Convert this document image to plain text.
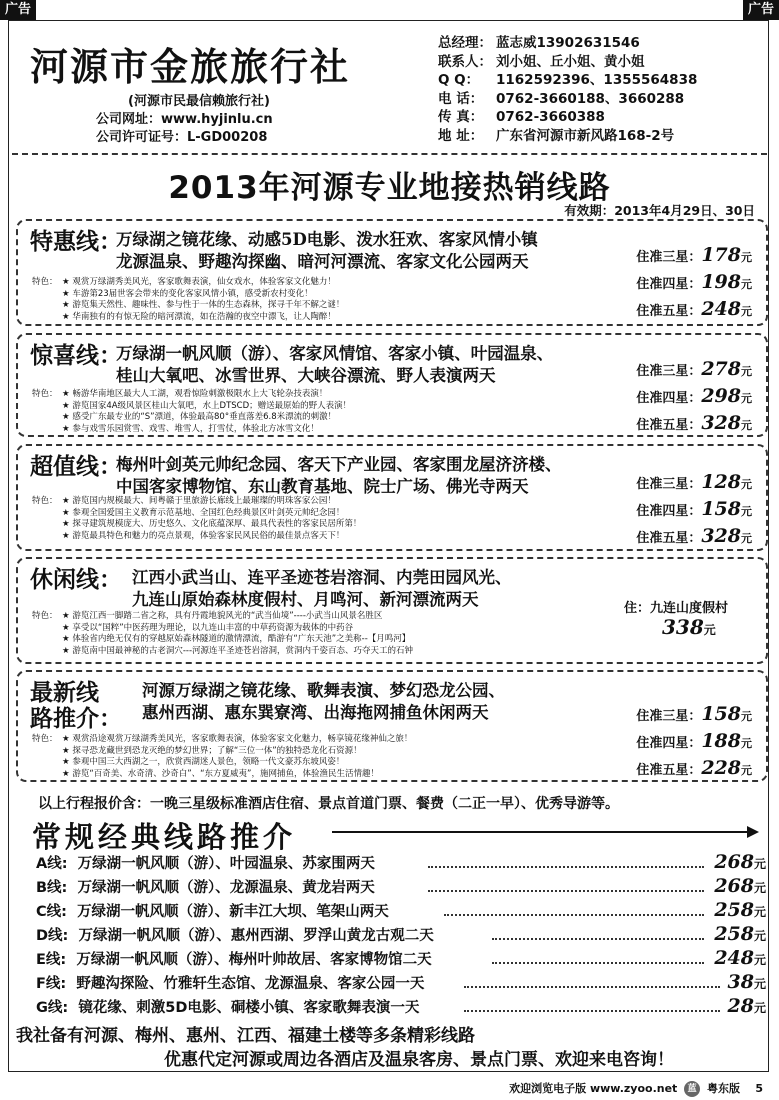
广告	广告
河源市金旅旅行社
(河源市民最信赖旅行社)
公司网址：www.hyjinlu.cn
公司许可证号：L-GD00208
总经理： 蓝志威13902631546
联系人： 刘小姐、丘小姐、黄小姐
Q Q： 1162592396、1355564838
电 话： 0762-3660188、3660288
传 真： 0762-3660388
地 址： 广东省河源市新风路168-2号
2013年河源专业地接热销线路
有效期：2013年4月29日、30日
特惠线：
万绿湖之镜花缘、动感5D电影、泼水狂欢、客家风情小镇
龙源温泉、野趣沟探幽、暗河河漂流、客家文化公园两天
特色： ★ 观赏万绿湖秀美风光，客家歌舞表演，仙女戏水，体验客家文化魅力！
★ 车游第23届世客会带来的变化客家风情小镇，感受新农村变化！
★ 游览集天然性、趣味性、参与性于一体的生态森林，探寻千年不解之谜！
★ 华南独有的有惊无险的暗河漂流，如在浩瀚的夜空中漂飞，让人陶醉！
住准三星：178元
住准四星：198元
住准五星：248元
惊喜线：
万绿湖一帆风顺（游）、客家风情馆、客家小镇、叶园温泉、
桂山大氧吧、冰雪世界、大峡谷漂流、野人表演两天
特色： ★ 畅游华南地区最大人工湖，观看惊险刺激极限水上大飞轮杂技表演！
★ 游览国家4A级风景区桂山大氧吧，水上DTSCD；赠送最原始的野人表演！
★ 感受广东最专业的“S”漂道，体验最高80°垂直落差6.8米漂流的刺激！
★ 参与戏雪乐园赏雪、戏雪、堆雪人，打雪仗，体验北方冰雪文化！
住准三星：278元
住准四星：298元
住准五星：328元
超值线：
梅州叶剑英元帅纪念园、客天下产业园、客家围龙屋济济楼、
中国客家博物馆、东山教育基地、院士广场、佛光寺两天
特色： ★ 游览国内规模最大、间粤赣于里旅游长廊线上最璀璨的明珠客家公园！
★ 参观全国爱国主义教育示范基地、全国红色经典景区叶剑英元帅纪念园！
★ 探寻建筑规模庞大、历史悠久、文化底蕴深厚、最具代表性的客家民居所第！
★ 游览最具特色和魅力的亮点景观，体验客家民风民俗的最佳景点客天下！
住准三星：128元
住准四星：158元
住准五星：328元
休闲线： 江西小武当山、连平圣迹苍岩溶洞、内莞田园风光、
九连山原始森林度假村、月鸣河、新河漂流两天
特色： ★ 游览江西一脚踏二省之称，具有丹霞地貌风光的“武当仙境”----小武当山风景名胜区
★ 享受以“国粹”中医药理为理论，以九连山丰富的中草药资源为载体的中药谷
★ 体验省内绝无仅有的穿越原始森林隧道的激情漂流，酷游有“广东天池”之美称--【月鸣河】
★ 游览南中国最神秘的古老洞穴---河源连平圣迹苍岩溶洞，赏洞内千姿百态、巧夺天工的石钟
住：九连山度假村
338元
最新线
路推介：
河源万绿湖之镜花缘、歌舞表演、梦幻恐龙公园、
惠州西湖、惠东巽寮湾、出海拖网捕鱼休闲两天
特色： ★ 观赏沿途观赏万绿湖秀美风光，客家歌舞表演，体验客家文化魅力，畅享镜花缘神仙之旅！
★ 探寻恐龙藏世到恐龙灭绝的梦幻世界；了解“三位一体”的独特恐龙化石资源！
★ 参观中国三大西湖之一，欣赏西湖迷人景色，领略一代文豪苏东坡风姿！
★ 游览“百奇美、水奇清、沙奇白”、“东方夏威夷”，施网捕鱼，体验渔民生活情趣！
住准三星：158元
住准四星：188元
住准五星：228元
以上行程报价含：一晚三星级标准酒店住宿、景点首道门票、餐费（二正一早）、优秀导游等。
常规经典线路推介
A线: 万绿湖一帆风顺（游）、叶园温泉、苏家围两天	268元
B线: 万绿湖一帆风顺（游）、龙源温泉、黄龙岩两天	268元
C线: 万绿湖一帆风顺（游）、新丰江大坝、笔架山两天	258元
D线: 万绿湖一帆风顺（游）、惠州西湖、罗浮山黄龙古观二天	258元
E线: 万绿湖一帆风顺（游）、梅州叶帅故居、客家博物馆二天	248元
F线: 野趣沟探险、竹雅轩生态馆、龙源温泉、客家公园一天	38元
G线: 镜花缘、刺激5D电影、硐楼小镇、客家歌舞表演一天	28元
我社备有河源、梅州、惠州、江西、福建土楼等多条精彩线路
优惠代定河源或周边各酒店及温泉客房、景点门票、欢迎来电咨询！
欢迎浏览电子版 www.zyoo.net 蓝 粤东版 5
